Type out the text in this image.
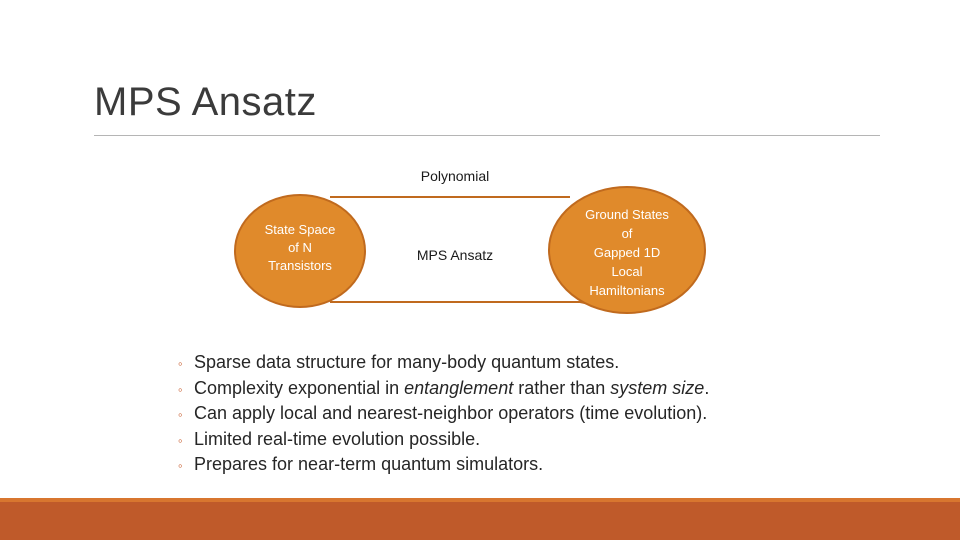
MPS Ansatz
Polynomial
MPS Ansatz
State Space
of N
Transistors
Ground States
of
Gapped 1D
Local
Hamiltonians
◦ Sparse data structure for many-body quantum states.
◦ Complexity exponential in entanglement rather than system size.
◦ Can apply local and nearest-neighbor operators (time evolution).
◦ Limited real-time evolution possible.
◦ Prepares for near-term quantum simulators.
